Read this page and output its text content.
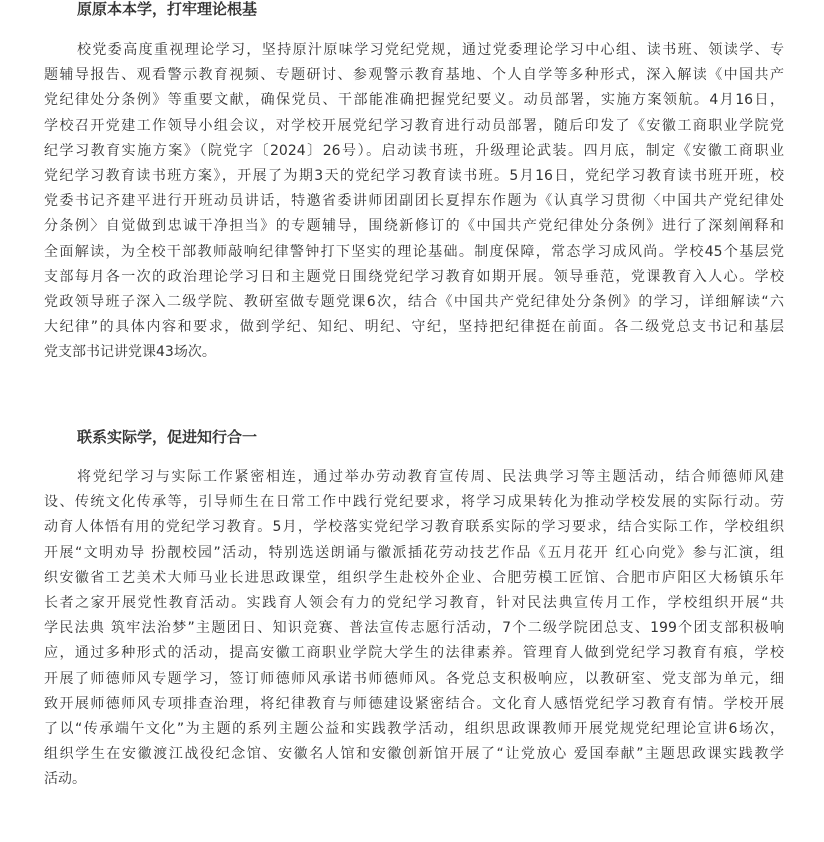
原原本本学，打牢理论根基
校党委高度重视理论学习，坚持原汁原味学习党纪党规，通过党委理论学习中心组、读书班、领读学、专
题辅导报告、观看警示教育视频、专题研讨、参观警示教育基地、个人自学等多种形式，深入解读《中国共产
党纪律处分条例》等重要文献，确保党员、干部能准确把握党纪要义。动员部署，实施方案领航。4月16日，
学校召开党建工作领导小组会议，对学校开展党纪学习教育进行动员部署，随后印发了《安徽工商职业学院党
纪学习教育实施方案》（院党字〔2024〕26号）。启动读书班，升级理论武装。四月底，制定《安徽工商职业
党纪学习教育读书班方案》，开展了为期3天的党纪学习教育读书班。5月16日，党纪学习教育读书班开班，校
党委书记齐建平进行开班动员讲话，特邀省委讲师团副团长夏捍东作题为《认真学习贯彻〈中国共产党纪律处
分条例〉自觉做到忠诚干净担当》的专题辅导，围绕新修订的《中国共产党纪律处分条例》进行了深刻阐释和
全面解读，为全校干部教师敲响纪律警钟打下坚实的理论基础。制度保障，常态学习成风尚。学校45个基层党
支部每月各一次的政治理论学习日和主题党日围绕党纪学习教育如期开展。领导垂范，党课教育入人心。学校
党政领导班子深入二级学院、教研室做专题党课6次，结合《中国共产党纪律处分条例》的学习，详细解读“六
大纪律”的具体内容和要求，做到学纪、知纪、明纪、守纪，坚持把纪律挺在前面。各二级党总支书记和基层
党支部书记讲党课43场次。
联系实际学，促进知行合一
将党纪学习与实际工作紧密相连，通过举办劳动教育宣传周、民法典学习等主题活动，结合师德师风建
设、传统文化传承等，引导师生在日常工作中践行党纪要求，将学习成果转化为推动学校发展的实际行动。劳
动育人体悟有用的党纪学习教育。5月，学校落实党纪学习教育联系实际的学习要求，结合实际工作，学校组织
开展“文明劝导 扮靓校园”活动，特别选送朗诵与徽派插花劳动技艺作品《五月花开 红心向党》参与汇演，组
织安徽省工艺美术大师马业长进思政课堂，组织学生赴校外企业、合肥劳模工匠馆、合肥市庐阳区大杨镇乐年
长者之家开展党性教育活动。实践育人领会有力的党纪学习教育，针对民法典宣传月工作，学校组织开展“共
学民法典 筑牢法治梦”主题团日、知识竞赛、普法宣传志愿行活动，7个二级学院团总支、199个团支部积极响
应，通过多种形式的活动，提高安徽工商职业学院大学生的法律素养。管理育人做到党纪学习教育有痕，学校
开展了师德师风专题学习，签订师德师风承诺书师德师风。各党总支积极响应，以教研室、党支部为单元，细
致开展师德师风专项排查治理，将纪律教育与师德建设紧密结合。文化育人感悟党纪学习教育有情。学校开展
了以“传承端午文化”为主题的系列主题公益和实践教学活动，组织思政课教师开展党规党纪理论宣讲6场次，
组织学生在安徽渡江战役纪念馆、安徽名人馆和安徽创新馆开展了“让党放心 爱国奉献”主题思政课实践教学
活动。
